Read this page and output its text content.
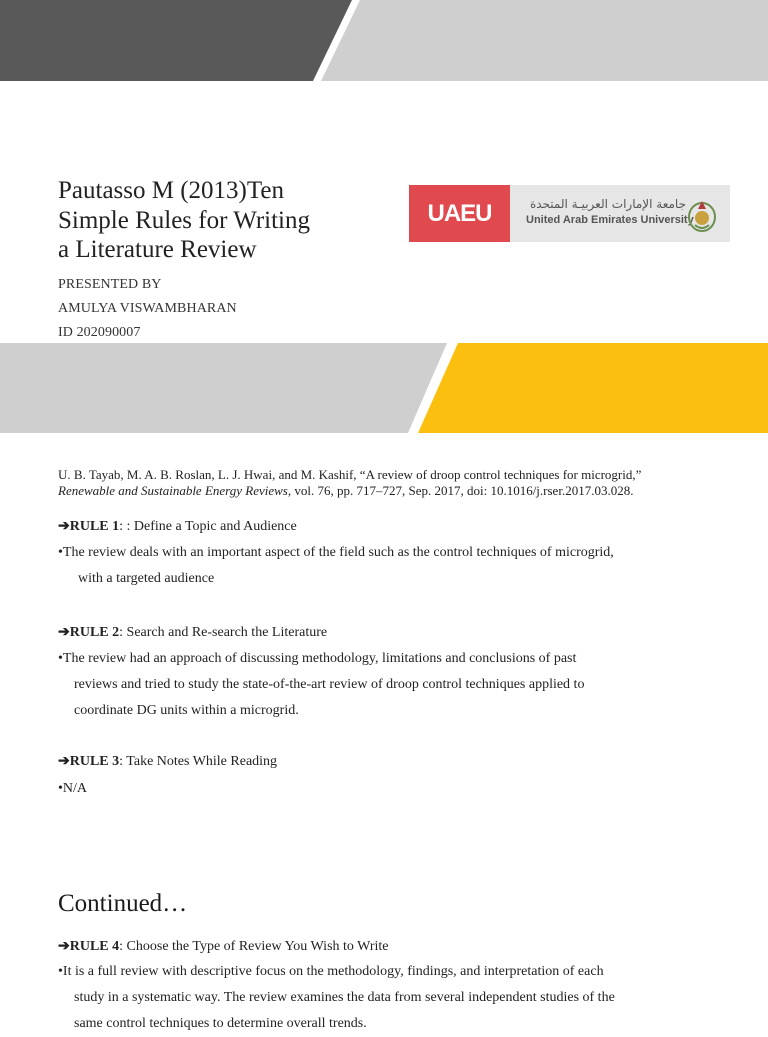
Pautasso M (2013)Ten
Simple Rules for Writing
a Literature Review
PRESENTED BY
AMULYA VISWAMBHARAN
ID 202090007
UAEU	جامعة الإمارات العربيـة المتحدة
United Arab Emirates University
U. B. Tayab, M. A. B. Roslan, L. J. Hwai, and M. Kashif, “A review of droop control techniques for microgrid,”
Renewable and Sustainable Energy Reviews, vol. 76, pp. 717–727, Sep. 2017, doi: 10.1016/j.rser.2017.03.028.
➔RULE 1: : Define a Topic and Audience
•The review deals with an important aspect of the field such as the control techniques of microgrid,
with a targeted audience
➔RULE 2: Search and Re-search the Literature
•The review had an approach of discussing methodology, limitations and conclusions of past
reviews and tried to study the state-of-the-art review of droop control techniques applied to
coordinate DG units within a microgrid.
➔RULE 3: Take Notes While Reading
•N/A
Continued…
➔RULE 4: Choose the Type of Review You Wish to Write
•It is a full review with descriptive focus on the methodology, findings, and interpretation of each
study in a systematic way. The review examines the data from several independent studies of the
same control techniques to determine overall trends.
